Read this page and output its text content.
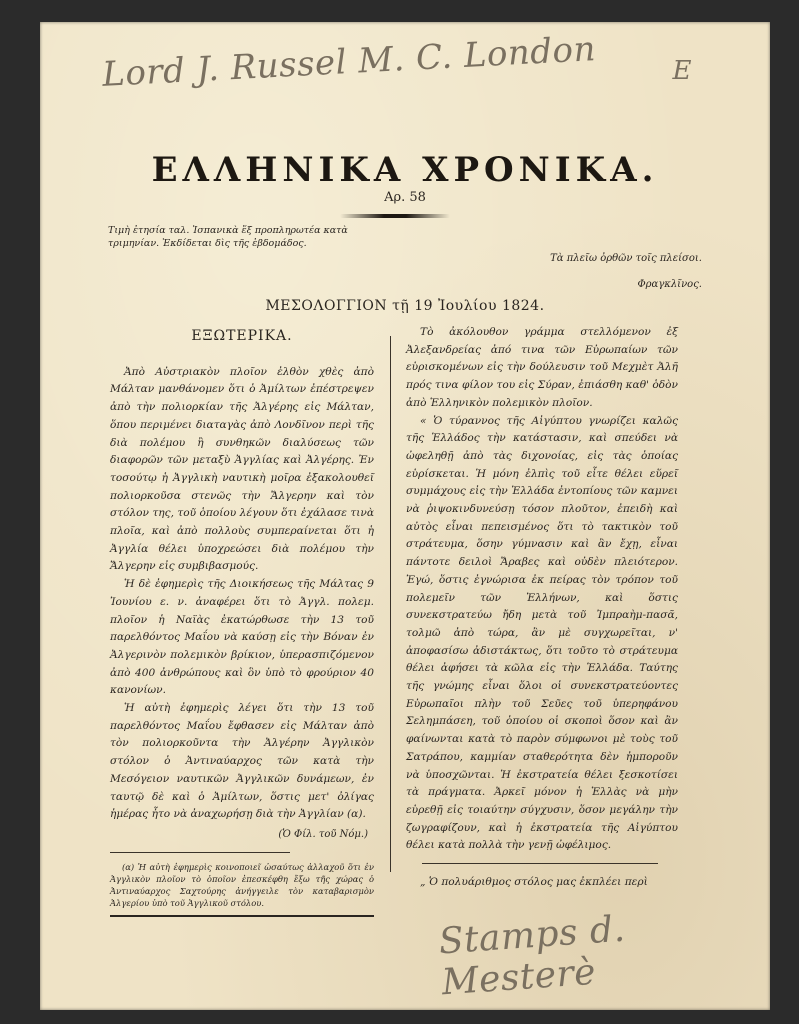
Lord J. Russel M. C. London	E
ΕΛΛΗΝΙΚΑ ΧΡΟΝΙΚΑ.
Αρ. 58
Τιμὴ ἐτησία ταλ. Ἱσπανικὰ ἕξ προπληρωτέα κατὰ τριμηνίαν. Ἐκδίδεται δὶς τῆς ἑβδομάδος.
Τὰ πλεῖω ὀρθῶν τοῖς πλείσοι.
Φραγκλῖνος.
ΜΕΣΟΛΟΓΓΙΟΝ τῇ 19 Ἰουλίου 1824.
ΕΞΩΤΕΡΙΚΑ.

Ἀπὸ Αὐστριακὸν πλοῖον ἐλθὸν χθὲς ἀπὸ Μάλταν μανθάνομεν ὅτι ὁ Ἀμίλτων ἐπέστρεψεν ἀπὸ τὴν πολιορκίαν τῆς Ἀλγέρης εἰς Μάλταν, ὅπου περιμένει διαταγὰς ἀπὸ Λονδῖνον περὶ τῆς διὰ πολέμου ἢ συνθηκῶν διαλύσεως τῶν διαφορῶν τῶν μεταξὺ Ἀγγλίας καὶ Ἀλγέρης. Ἐν τοσούτῳ ἡ Ἀγγλικὴ ναυτικὴ μοῖρα ἐξακολουθεῖ πολιορκοῦσα στενῶς τὴν Ἄλγερην καὶ τὸν στόλον της, τοῦ ὁποίου λέγουν ὅτι ἐχάλασε τινὰ πλοῖα, καὶ ἀπὸ πολλοὺς συμπεραίνεται ὅτι ἡ Ἀγγλία θέλει ὑποχρεώσει διὰ πολέμου τὴν Ἄλγερην εἰς συμβιβασμούς.

Ἡ δὲ ἐφημερὶς τῆς Διοικήσεως τῆς Μάλτας 9 Ἰουνίου ε. ν. ἀναφέρει ὅτι τὸ Ἀγγλ. πολεμ. πλοῖον ἡ Ναϊὰς ἐκατώρθωσε τὴν 13 τοῦ παρελθόντος Μαΐου νὰ καύσῃ εἰς τὴν Βόναν ἐν Ἀλγερινὸν πολεμικὸν βρίκιον, ὑπερασπιζόμενον ἀπὸ 400 ἀνθρώπους καὶ ὃν ὑπὸ τὸ φρούριον 40 κανονίων.

Ἡ αὐτὴ ἐφημερὶς λέγει ὅτι τὴν 13 τοῦ παρελθόντος Μαΐου ἔφθασεν εἰς Μάλταν ἀπὸ τὸν πολιορκοῦντα τὴν Ἀλγέρην Ἀγγλικὸν στόλον ὁ Ἀντιναύαρχος τῶν κατὰ τὴν Μεσόγειον ναυτικῶν Ἀγγλικῶν δυνάμεων, ἐν ταυτῷ δὲ καὶ ὁ Ἀμίλτων, ὅστις μετ' ὀλίγας ἡμέρας ἦτο νὰ ἀναχωρήσῃ διὰ τὴν Ἀγγλίαν (α).

(Ὁ Φίλ. τοῦ Νόμ.)

(α) Ἡ αὐτὴ ἐφημερὶς κοινοποιεῖ ὡσαύτως ἀλλαχοῦ ὅτι ἐν Ἀγγλικὸν πλοῖον τὸ ὁποῖον ἐπεσκέφθη ἔξω τῆς χώρας ὁ Ἀντιναύαρχος Σαχτούρης ἀνήγγειλε τὸν καταβαρισμὸν Ἀλγερίου ὑπὸ τοῦ Ἀγγλικοῦ στόλου.

Τὸ ἀκόλουθον γράμμα στελλόμενον ἐξ Ἀλεξανδρείας ἀπό τινα τῶν Εὐρωπαίων τῶν εὑρισκομένων εἰς τὴν δούλευσιν τοῦ Μεχμὲτ Ἀλῆ πρός τινα φίλον του εἰς Σύραν, ἐπιάσθη καθ' ὁδὸν ἀπὸ Ἑλληνικὸν πολεμικὸν πλοῖον.

« Ὁ τύραννος τῆς Αἰγύπτου γνωρίζει καλῶς τῆς Ἑλλάδος τὴν κατάστασιν, καὶ σπεύδει νὰ ὠφεληθῇ ἀπὸ τὰς διχονοίας, εἰς τὰς ὁποίας εὑρίσκεται. Ἡ μόνη ἐλπὶς τοῦ εἶτε θέλει εὕρεῖ συμμάχους εἰς τὴν Ἑλλάδα ἐντοπίους τῶν καμνει νὰ ῥιψοκινδυνεύσῃ τόσον πλοῦτον, ἐπειδὴ καὶ αὐτὸς εἶναι πεπεισμένος ὅτι τὸ τακτικὸν τοῦ στράτευμα, ὅσην γύμνασιν καὶ ἂν ἔχῃ, εἶναι πάντοτε δειλοὶ Ἄραβες καὶ οὐδὲν πλειότερον. Ἐγώ, ὅστις ἐγνώρισα ἐκ πείρας τὸν τρόπον τοῦ πολεμεῖν τῶν Ἑλλήνων, καὶ ὅστις συνεκστρατεύω ἤδη μετὰ τοῦ Ἰμπραὴμ-πασᾶ, τολμῶ ἀπὸ τώρα, ἂν μὲ συγχωρεῖται, ν' ἀποφασίσω ἀδιστάκτως, ὅτι τοῦτο τὸ στράτευμα θέλει ἀφήσει τὰ κῶλα εἰς τὴν Ἑλλάδα. Ταύτης τῆς γνώμης εἶναι ὅλοι οἱ συνεκστρατεύοντες Εὐρωπαῖοι πλὴν τοῦ Σεῦες τοῦ ὑπερηφάνου Σελημπάσεη, τοῦ ὁποίου οἱ σκοποὶ ὅσον καὶ ἂν φαίνωνται κατὰ τὸ παρὸν σύμφωνοι μὲ τοὺς τοῦ Σατράπου, καμμίαν σταθερότητα δὲν ἠμποροῦν νὰ ὑποσχῶνται. Ἡ ἐκστρατεία θέλει ξεσκοτίσει τὰ πράγματα. Ἀρκεῖ μόνον ἡ Ἑλλὰς νὰ μὴν εὑρεθῇ εἰς τοιαύτην σύγχυσιν, ὅσον μεγάλην τὴν ζωγραφίζουν, καὶ ἡ ἐκστρατεία τῆς Αἰγύπτου θέλει κατὰ πολλὰ τὴν γενῇ ὠφέλιμος.

„ Ὁ πολυάριθμος στόλος μας ἐκπλέει περὶ

Stamps d. Mesterè
